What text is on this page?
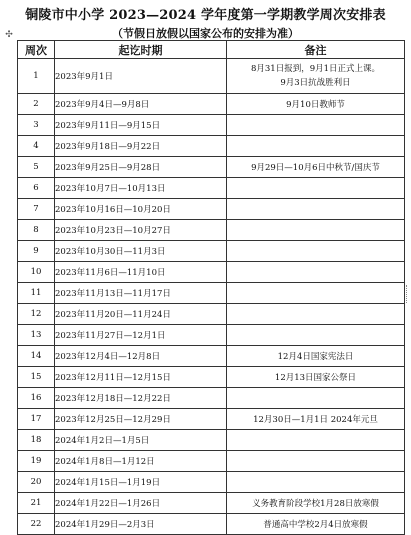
✣
铜陵市中小学 2023—2024 学年度第一学期教学周次安排表
（节假日放假以国家公布的安排为准）
周次	起讫时期	备注
1	2023年9月1日	8月31日报到，9月1日正式上课。
9月3日抗战胜利日

2	2023年9月4日—9月8日	9月10日教师节

3	2023年9月11日—9月15日	
4	2023年9月18日—9月22日	
5	2023年9月25日—9月28日	9月29日—10月6日中秋节/国庆节

6	2023年10月7日—10月13日	
7	2023年10月16日—10月20日	
8	2023年10月23日—10月27日	
9	2023年10月30日—11月3日	
10	2023年11月6日—11月10日	
11	2023年11月13日—11月17日	
12	2023年11月20日—11月24日	
13	2023年11月27日—12月1日	
14	2023年12月4日—12月8日	12月4日国家宪法日

15	2023年12月11日—12月15日	12月13日国家公祭日

16	2023年12月18日—12月22日	
17	2023年12月25日—12月29日	12月30日—1月1日 2024年元旦

18	2024年1月2日—1月5日	
19	2024年1月8日—1月12日	
20	2024年1月15日—1月19日	
21	2024年1月22日—1月26日	义务教育阶段学校1月28日放寒假

22	2024年1月29日—2月3日	普通高中学校2月4日放寒假
